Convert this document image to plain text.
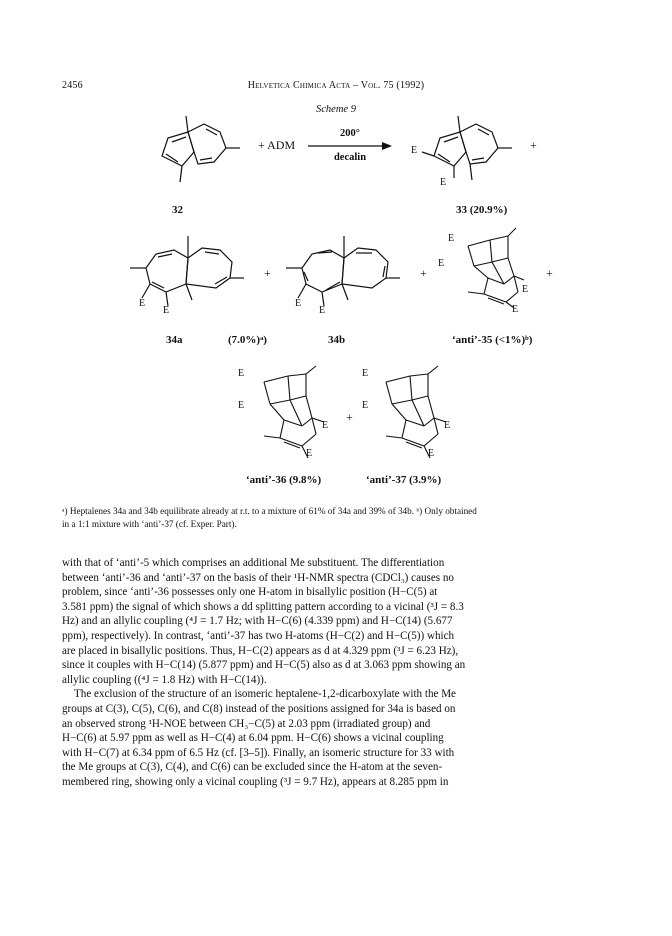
2456	Helvetica Chimica Acta – Vol. 75 (1992)
Scheme 9
+ ADM
200°
decalin
E
E
+
32	33 (20.9%)
E
E
+
E
E
+
E
E
E
E
+
34a	(7.0%)ᵃ)	34b	‘anti’-35 (<1%)ᵇ)
E
E
E
E
+
E
E
E
E
‘anti’-36 (9.8%)	‘anti’-37 (3.9%)
ᵃ) Heptalenes 34a and 34b equilibrate already at r.t. to a mixture of 61% of 34a and 39% of 34b. ᵇ) Only obtained
in a 1:1 mixture with ‘anti’-37 (cf. Exper. Part).

with that of ‘anti’-5 which comprises an additional Me substituent. The differentiation
between ‘anti’-36 and ‘anti’-37 on the basis of their ¹H-NMR spectra (CDCl₃) causes no
problem, since ‘anti’-36 possesses only one H-atom in bisallylic position (H−C(5) at
3.581 ppm) the signal of which shows a dd splitting pattern according to a vicinal (³J = 8.3
Hz) and an allylic coupling (⁴J = 1.7 Hz; with H−C(6) (4.339 ppm) and H−C(14) (5.677
ppm), respectively). In contrast, ‘anti’-37 has two H-atoms (H−C(2) and H−C(5)) which
are placed in bisallylic positions. Thus, H−C(2) appears as d at 4.329 ppm (³J = 6.23 Hz),
since it couples with H−C(14) (5.877 ppm) and H−C(5) also as d at 3.063 ppm showing an
allylic coupling ((⁴J = 1.8 Hz) with H−C(14)).

The exclusion of the structure of an isomeric heptalene-1,2-dicarboxylate with the Me
groups at C(3), C(5), C(6), and C(8) instead of the positions assigned for 34a is based on
an observed strong ¹H-NOE between CH₃−C(5) at 2.03 ppm (irradiated group) and
H−C(6) at 5.97 ppm as well as H−C(4) at 6.04 ppm. H−C(6) shows a vicinal coupling
with H−C(7) at 6.34 ppm of 6.5 Hz (cf. [3–5]). Finally, an isomeric structure for 33 with
the Me groups at C(3), C(4), and C(6) can be excluded since the H-atom at the seven-
membered ring, showing only a vicinal coupling (³J = 9.7 Hz), appears at 8.285 ppm in
